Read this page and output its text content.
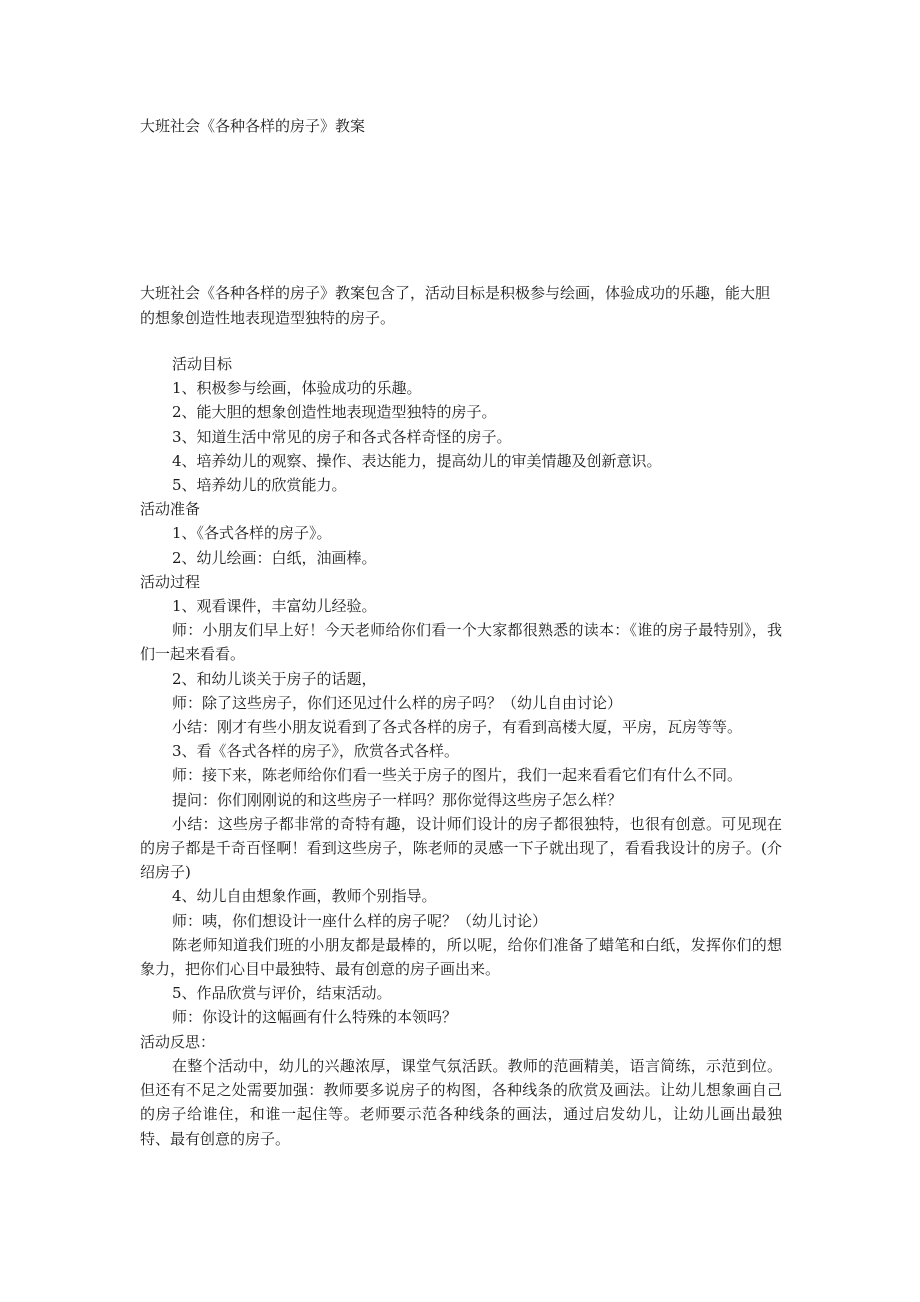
大班社会《各种各样的房子》教案
大班社会《各种各样的房子》教案包含了，活动目标是积极参与绘画，体验成功的乐趣，能大胆的想象创造性地表现造型独特的房子。

活动目标

1、积极参与绘画，体验成功的乐趣。

2、能大胆的想象创造性地表现造型独特的房子。

3、知道生活中常见的房子和各式各样奇怪的房子。

4、培养幼儿的观察、操作、表达能力，提高幼儿的审美情趣及创新意识。

5、培养幼儿的欣赏能力。

活动准备

1、《各式各样的房子》。

2、幼儿绘画：白纸，油画棒。

活动过程

1、观看课件，丰富幼儿经验。

师：小朋友们早上好！今天老师给你们看一个大家都很熟悉的读本：《谁的房子最特别》，我们一起来看看。

2、和幼儿谈关于房子的话题，

师：除了这些房子，你们还见过什么样的房子吗？（幼儿自由讨论）

小结：刚才有些小朋友说看到了各式各样的房子，有看到高楼大厦，平房，瓦房等等。

3、看《各式各样的房子》，欣赏各式各样。

师：接下来，陈老师给你们看一些关于房子的图片，我们一起来看看它们有什么不同。

提问：你们刚刚说的和这些房子一样吗？那你觉得这些房子怎么样？

小结：这些房子都非常的奇特有趣，设计师们设计的房子都很独特，也很有创意。可见现在的房子都是千奇百怪啊！看到这些房子，陈老师的灵感一下子就出现了，看看我设计的房子。(介绍房子)

4、幼儿自由想象作画，教师个别指导。

师：咦，你们想设计一座什么样的房子呢？（幼儿讨论）

陈老师知道我们班的小朋友都是最棒的，所以呢，给你们准备了蜡笔和白纸，发挥你们的想象力，把你们心目中最独特、最有创意的房子画出来。

5、作品欣赏与评价，结束活动。

师：你设计的这幅画有什么特殊的本领吗？

活动反思：

在整个活动中，幼儿的兴趣浓厚，课堂气氛活跃。教师的范画精美，语言简练，示范到位。但还有不足之处需要加强：教师要多说房子的构图，各种线条的欣赏及画法。让幼儿想象画自己的房子给谁住，和谁一起住等。老师要示范各种线条的画法，通过启发幼儿，让幼儿画出最独特、最有创意的房子。
